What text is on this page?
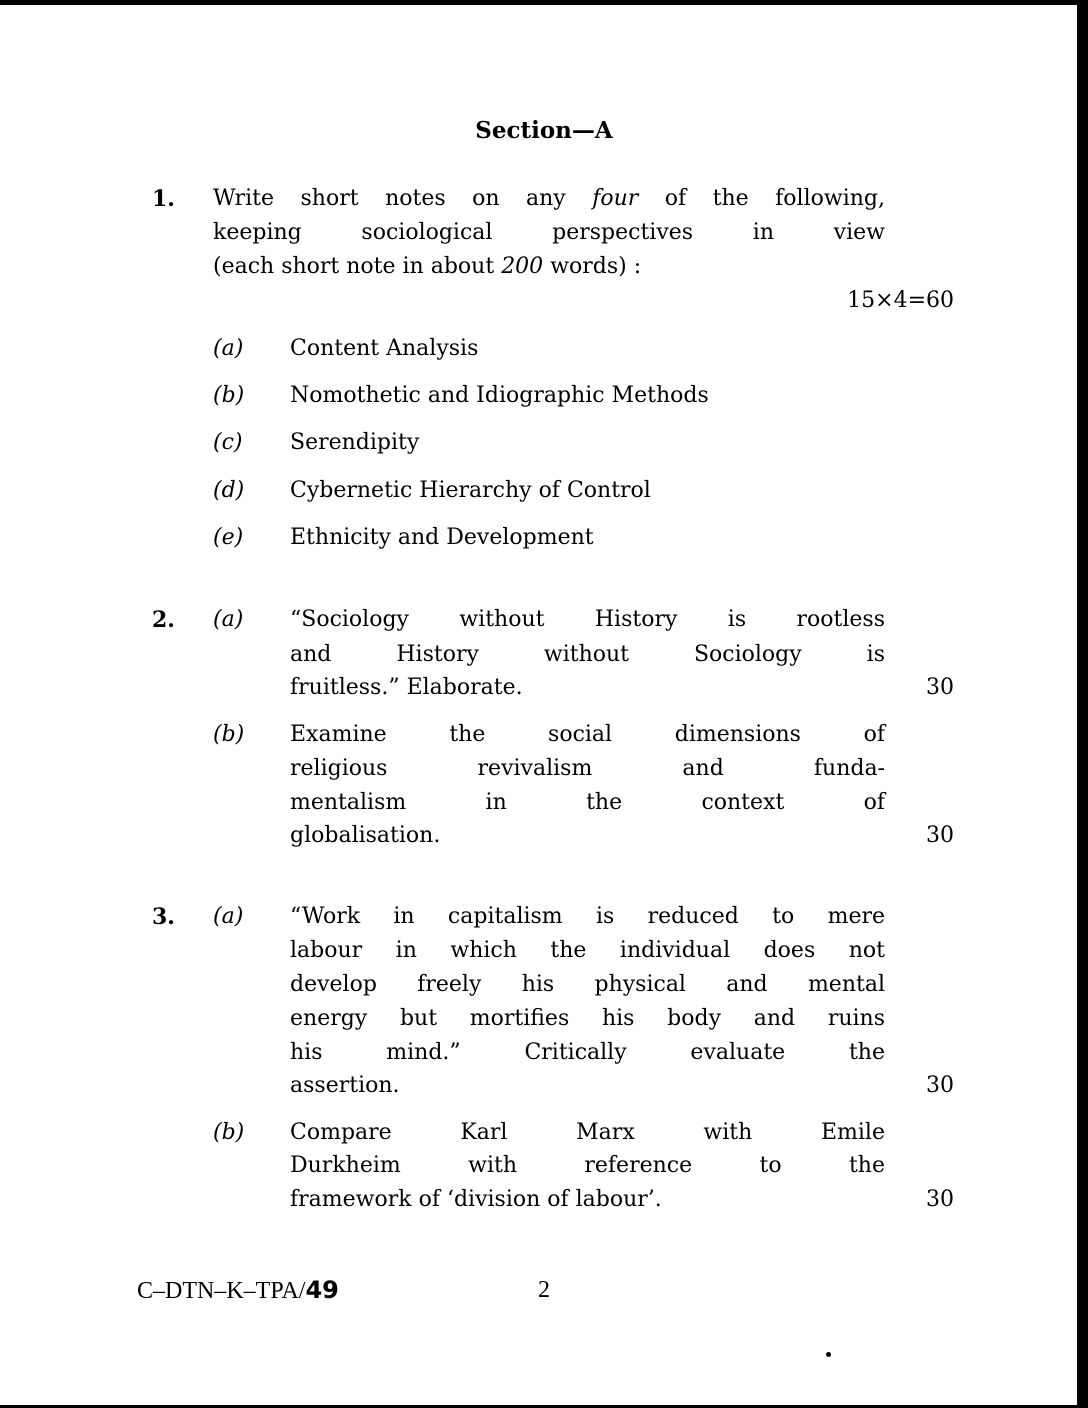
Section—A
1. Write short notes on any four of the following,
keeping sociological perspectives in view
(each short note in about 200 words) :
15×4=60
(a) Content Analysis
(b) Nomothetic and Idiographic Methods
(c) Serendipity
(d) Cybernetic Hierarchy of Control
(e) Ethnicity and Development
2. (a) “Sociology without History is rootless
and History without Sociology is
fruitless.” Elaborate.	30
(b) Examine the social dimensions of
religious revivalism and funda-
mentalism in the context of
globalisation.	30
3. (a) “Work in capitalism is reduced to mere
labour in which the individual does not
develop freely his physical and mental
energy but mortifies his body and ruins
his mind.” Critically evaluate the
assertion.	30
(b) Compare Karl Marx with Emile
Durkheim with reference to the
framework of ‘division of labour’.	30
C–DTN–K–TPA/49	2
